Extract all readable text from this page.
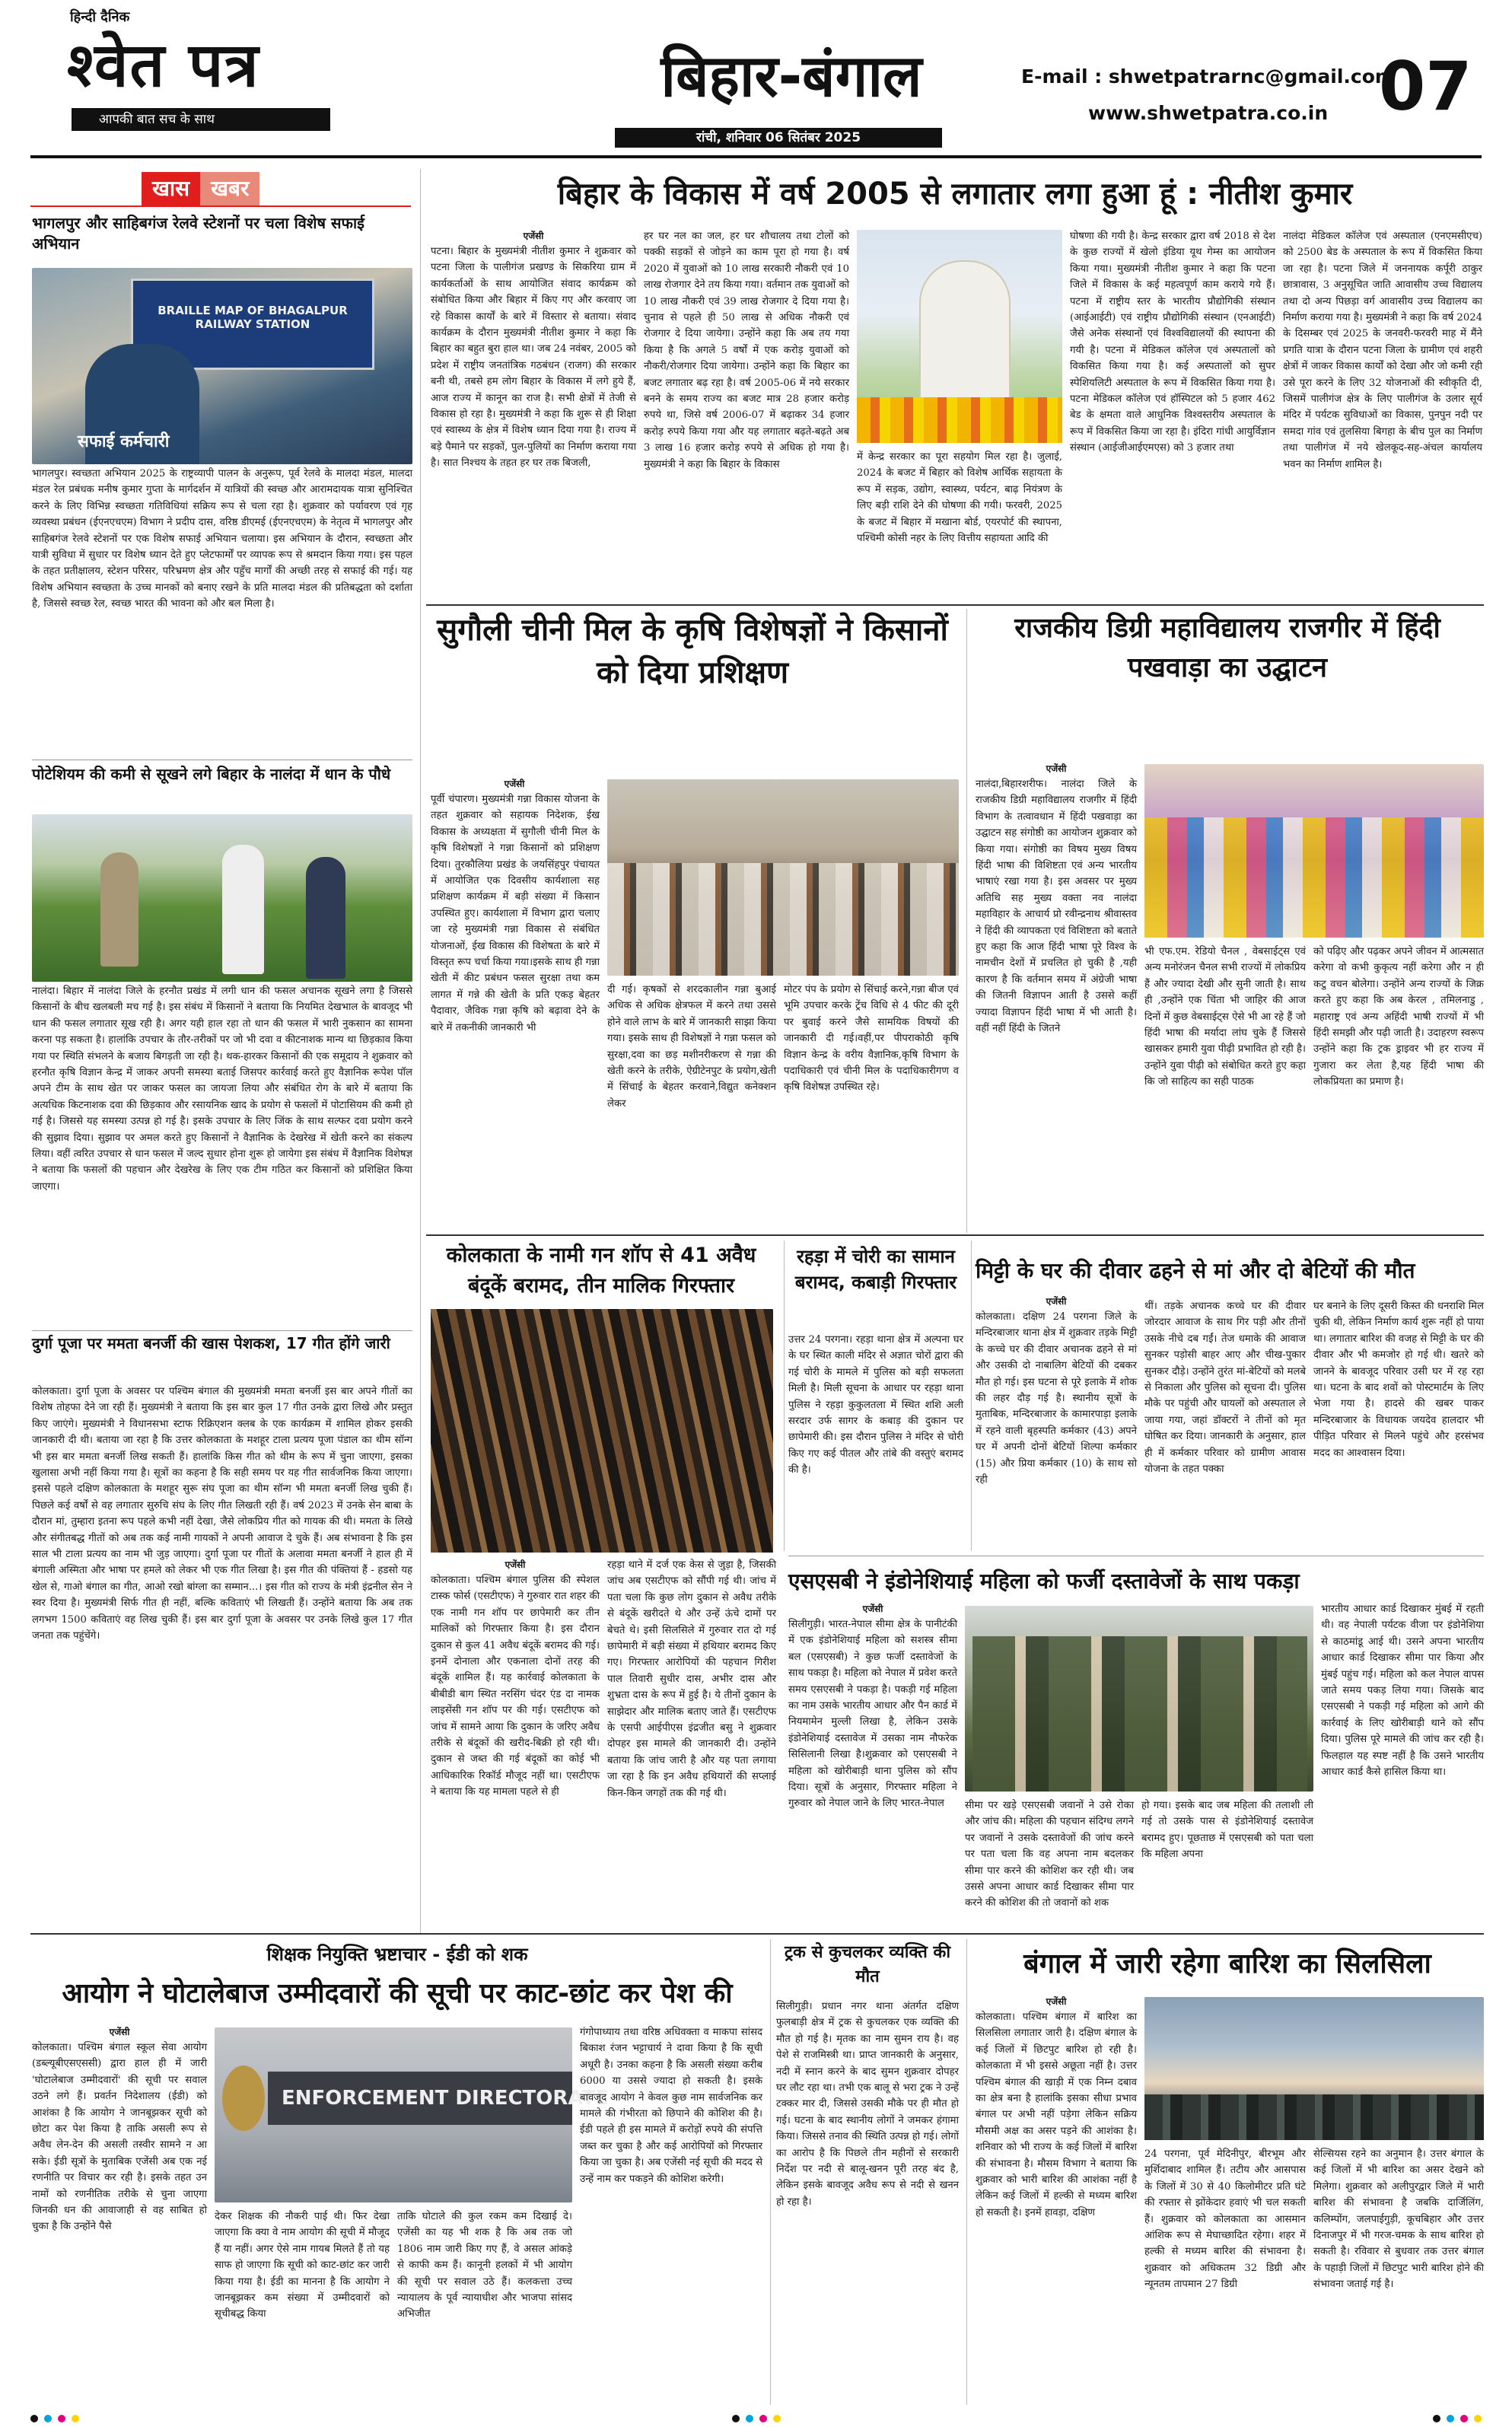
हिन्दी दैनिक
श्वेत पत्र
आपकी बात सच के साथ
बिहार-बंगाल
रांची, शनिवार 06 सितंबर 2025
E-mail : shwetpatrarnc@gmail.com
www.shwetpatra.co.in 07
खास खबर
भागलपुर और साहिबगंज रेलवे स्टेशनों पर चला विशेष सफाई अभियान
BRAILLE MAP OF BHAGALPUR RAILWAY STATION
सफाई कर्मचारी
भागलपुर। स्वच्छता अभियान 2025 के राष्ट्रव्यापी पालन के अनुरूप, पूर्व रेलवे के मालदा मंडल, मालदा मंडल रेल प्रबंधक मनीष कुमार गुप्ता के मार्गदर्शन में यात्रियों की स्वच्छ और आरामदायक यात्रा सुनिश्चित करने के लिए विभिन्न स्वच्छता गतिविधियां सक्रिय रूप से चला रहा है। शुक्रवार को पर्यावरण एवं गृह व्यवस्था प्रबंधन (ईएनएचएम) विभाग ने प्रदीप दास, वरिष्ठ डीएमई (ईएनएचएम) के नेतृत्व में भागलपुर और साहिबगंज रेलवे स्टेशनों पर एक विशेष सफाई अभियान चलाया। इस अभियान के दौरान, स्वच्छता और यात्री सुविधा में सुधार पर विशेष ध्यान देते हुए प्लेटफार्मों पर व्यापक रूप से श्रमदान किया गया। इस पहल के तहत प्रतीक्षालय, स्टेशन परिसर, परिभ्रमण क्षेत्र और पहुँच मार्गों की अच्छी तरह से सफाई की गई। यह विशेष अभियान स्वच्छता के उच्च मानकों को बनाए रखने के प्रति मालदा मंडल की प्रतिबद्धता को दर्शाता है, जिससे स्वच्छ रेल, स्वच्छ भारत की भावना को और बल मिला है।
पोटेशियम की कमी से सूखने लगे बिहार के नालंदा में धान के पौधे
नालंदा। बिहार में नालंदा जिले के हरनौत प्रखंड में लगी धान की फसल अचानक सूखने लगा है जिससे किसानों के बीच खलबली मच गई है। इस संबंध में किसानों ने बताया कि नियमित देखभाल के बावजूद भी धान की फसल लगातार सूख रही है। अगर यही हाल रहा तो धान की फसल में भारी नुकसान का सामना करना पड़ सकता है। हालांकि उपचार के तौर-तरीकों पर जो भी दवा व कीटनाशक मान्य था छिड़काव किया गया पर स्थिति संभलने के बजाय बिगड़ती जा रही है। थक-हारकर किसानों की एक समूदाय ने शुक्रवार को हरनौत कृषि विज्ञान केन्द्र में जाकर अपनी समस्या बताई जिसपर कार्रवाई करते हुए वैज्ञानिक रूपेश पॉल अपने टीम के साथ खेत पर जाकर फसल का जायजा लिया और संबंधित रोग के बारे में बताया कि अत्यधिक किटनाशक दवा की छिड़काव और रसायनिक खाद के प्रयोग से फसलों में पोटासियम की कमी हो गई है। जिससे यह समस्या उत्पन्न हो गई है। इसके उपचार के लिए जिंक के साथ सल्फर दवा प्रयोग करने की सुझाव दिया। सुझाव पर अमल करते हुए किसानों ने वैज्ञानिक के देखरेख में खेती करने का संकल्प लिया। वहीं त्वरित उपचार से धान फसल में जल्द सुधार होना शुरू हो जायेगा इस संबंध में वैज्ञानिक विशेषज्ञ ने बताया कि फसलों की पहचान और देखरेख के लिए एक टीम गठित कर किसानों को प्रशिक्षित किया जाएगा।
दुर्गा पूजा पर ममता बनर्जी की खास पेशकश, 17 गीत होंगे जारी
कोलकाता। दुर्गा पूजा के अवसर पर पश्चिम बंगाल की मुख्यमंत्री ममता बनर्जी इस बार अपने गीतों का विशेष तोहफा देने जा रही हैं। मुख्यमंत्री ने बताया कि इस बार कुल 17 गीत उनके द्वारा लिखे और प्रस्तुत किए जाएंगे। मुख्यमंत्री ने विधानसभा स्टाफ रिक्रिएशन क्लब के एक कार्यक्रम में शामिल होकर इसकी जानकारी दी थी। बताया जा रहा है कि उत्तर कोलकाता के मशहूर टाला प्रत्यय पूजा पंडाल का थीम सॉन्ग भी इस बार ममता बनर्जी लिख सकती हैं। हालांकि किस गीत को थीम के रूप में चुना जाएगा, इसका खुलासा अभी नहीं किया गया है। सूत्रों का कहना है कि सही समय पर यह गीत सार्वजनिक किया जाएगा। इससे पहले दक्षिण कोलकाता के मशहूर सुरू संघ पूजा का थीम सॉन्ग भी ममता बनर्जी लिख चुकी हैं। पिछले कई वर्षों से वह लगातार सुरुचि संघ के लिए गीत लिखती रही हैं। वर्ष 2023 में उनके सेन बाबा के दौरान मां, तुम्हारा इतना रूप पहले कभी नहीं देखा, जैसे लोकप्रिय गीत को गायक की थी। ममता के लिखे और संगीतबद्ध गीतों को अब तक कई नामी गायकों ने अपनी आवाज दे चुके हैं। अब संभावना है कि इस साल भी टाला प्रत्यय का नाम भी जुड़ जाएगा। दुर्गा पूजा पर गीतों के अलावा ममता बनर्जी ने हाल ही में बंगाली अस्मिता और भाषा पर हमले को लेकर भी एक गीत लिखा है। इस गीत की पंक्तियां हैं - हडसो यह खेल से, गाओ बंगाल का गीत, आओ रखो बांग्ला का सम्मान...। इस गीत को राज्य के मंत्री इंद्रनील सेन ने स्वर दिया है। मुख्यमंत्री सिर्फ गीत ही नहीं, बल्कि कविताएं भी लिखती हैं। उन्होंने बताया कि अब तक लगभग 1500 कविताएं वह लिख चुकी हैं। इस बार दुर्गा पूजा के अवसर पर उनके लिखे कुल 17 गीत जनता तक पहुंचेंगे।
बिहार के विकास में वर्ष 2005 से लगातार लगा हुआ हूं : नीतीश कुमार
एजेंसी
पटना। बिहार के मुख्यमंत्री नीतीश कुमार ने शुक्रवार को पटना जिला के पालीगंज प्रखण्ड के सिकरिया ग्राम में कार्यकर्ताओं के साथ आयोजित संवाद कार्यक्रम को संबोधित किया और बिहार में किए गए और करवाए जा रहे विकास कार्यों के बारे में विस्तार से बताया। संवाद कार्यक्रम के दौरान मुख्यमंत्री नीतीश कुमार ने कहा कि बिहार का बहुत बुरा हाल था। जब 24 नवंबर, 2005 को प्रदेश में राष्ट्रीय जनतांत्रिक गठबंधन (राजग) की सरकार बनी थी, तबसे हम लोग बिहार के विकास में लगे हुये हैं, आज राज्य में कानून का राज है। सभी क्षेत्रों में तेजी से विकास हो रहा है। मुख्यमंत्री ने कहा कि शुरू से ही शिक्षा एवं स्वास्थ्य के क्षेत्र में विशेष ध्यान दिया गया है। राज्य में बड़े पैमाने पर सड़कों, पुल-पुलियों का निर्माण कराया गया है। सात निश्चय के तहत हर घर तक बिजली,
हर घर नल का जल, हर घर शौचालय तथा टोलों को पक्की सड़कों से जोड़ने का काम पूरा हो गया है। वर्ष 2020 में युवाओं को 10 लाख सरकारी नौकरी एवं 10 लाख रोजगार देने तय किया गया। वर्तमान तक युवाओं को 10 लाख नौकरी एवं 39 लाख रोजगार दे दिया गया है। चुनाव से पहले ही 50 लाख से अधिक नौकरी एवं रोजगार दे दिया जायेगा। उन्होंने कहा कि अब तय गया किया है कि अगले 5 वर्षों में एक करोड़ युवाओं को नौकरी/रोजगार दिया जायेगा। उन्होंने कहा कि बिहार का बजट लगातार बढ़ रहा है। वर्ष 2005-06 में नये सरकार बनने के समय राज्य का बजट मात्र 28 हजार करोड़ रुपये था, जिसे वर्ष 2006-07 में बढ़ाकर 34 हजार करोड़ रुपये किया गया और यह लगातार बढ़ते-बढ़ते अब 3 लाख 16 हजार करोड़ रुपये से अधिक हो गया है। मुख्यमंत्री ने कहा कि बिहार के विकास
में केन्द्र सरकार का पूरा सहयोग मिल रहा है। जुलाई, 2024 के बजट में बिहार को विशेष आर्थिक सहायता के रूप में सड़क, उद्योग, स्वास्थ्य, पर्यटन, बाढ़ नियंत्रण के लिए बड़ी राशि देने की घोषणा की गयी। फरवरी, 2025 के बजट में बिहार में मखाना बोर्ड, एयरपोर्ट की स्थापना, पश्चिमी कोसी नहर के लिए वित्तीय सहायता आदि की
घोषणा की गयी है। केन्द्र सरकार द्वारा वर्ष 2018 से देश के कुछ राज्यों में खेलो इंडिया यूथ गेम्स का आयोजन किया गया। मुख्यमंत्री नीतीश कुमार ने कहा कि पटना जिले में विकास के कई महत्वपूर्ण काम कराये गये हैं। पटना में राष्ट्रीय स्तर के भारतीय प्रौद्योगिकी संस्थान (आईआईटी) एवं राष्ट्रीय प्रौद्योगिकी संस्थान (एनआईटी) जैसे अनेक संस्थानों एवं विश्वविद्यालयों की स्थापना की गयी है। पटना में मेडिकल कॉलेज एवं अस्पतालों को विकसित किया गया है। कई अस्पतालों को सुपर स्पेशियलिटी अस्पताल के रूप में विकसित किया गया है। पटना मेडिकल कॉलेज एवं हॉस्पिटल को 5 हजार 462 बेड के क्षमता वाले आधुनिक विश्वस्तरीय अस्पताल के रूप में विकसित किया जा रहा है। इंदिरा गांधी आयुर्विज्ञान संस्थान (आईजीआईएमएस) को 3 हजार तथा
नालंदा मेडिकल कॉलेज एवं अस्पताल (एनएमसीएच) को 2500 बेड के अस्पताल के रूप में विकसित किया जा रहा है। पटना जिले में जननायक कर्पूरी ठाकुर छात्रावास, 3 अनुसूचित जाति आवासीय उच्च विद्यालय तथा दो अन्य पिछड़ा वर्ग आवासीय उच्च विद्यालय का निर्माण कराया गया है। मुख्यमंत्री ने कहा कि वर्ष 2024 के दिसम्बर एवं 2025 के जनवरी-फरवरी माह में मैंने प्रगति यात्रा के दौरान पटना जिला के ग्रामीण एवं शहरी क्षेत्रों में जाकर विकास कार्यों को देखा और जो कमी रही उसे पूरा करने के लिए 32 योजनाओं की स्वीकृति दी, जिसमें पालीगंज क्षेत्र के लिए पालीगंज के उलार सूर्य मंदिर में पर्यटक सुविधाओं का विकास, पुनपुन नदी पर समदा गांव एवं तुलसिया बिगहा के बीच पुल का निर्माण तथा पालीगंज में नये खेलकूद-सह-अंचल कार्यालय भवन का निर्माण शामिल है।
सुगौली चीनी मिल के कृषि विशेषज्ञों ने किसानों को दिया प्रशिक्षण
एजेंसी
पूर्वी चंपारण। मुख्यमंत्री गन्ना विकास योजना के तहत शुक्रवार को सहायक निदेशक, ईख विकास के अध्यक्षता में सुगौली चीनी मिल के कृषि विशेषज्ञों ने गन्ना किसानों को प्रशिक्षण दिया। तुरकौलिया प्रखंड के जयसिंहपुर पंचायत में आयोजित एक दिवसीय कार्यशाला सह प्रशिक्षण कार्यक्रम में बड़ी संख्या में किसान उपस्थित हुए। कार्यशाला में विभाग द्वारा चलाए जा रहे मुख्यमंत्री गन्ना विकास से संबंधित योजनाओं, ईख विकास की विशेषता के बारे में विस्तृत रूप चर्चा किया गया।इसके साथ ही गन्ना खेती में कीट प्रबंधन फसल सुरक्षा तथा कम लागत में गन्ने की खेती के प्रति एकड़ बेहतर पैदावार, जैविक गन्ना कृषि को बढ़ावा देने के बारे में तकनीकी जानकारी भी
दी गई। कृषकों से शरदकालीन गन्ना बुआई अधिक से अधिक क्षेत्रफल में करने तथा उससे होने वाले लाभ के बारे में जानकारी साझा किया गया। इसके साथ ही विशेषज्ञों ने गन्ना फसल को सुरक्षा,दवा का छड़ मशीनरीकरण से गन्ना की खेती करने के तरीके, ऐग्रीटेनपुट के प्रयोग,खेती में सिंचाई के बेहतर करवाने,विद्युत कनेक्शन लेकर
मोटर पंप के प्रयोग से सिंचाई करने,गन्ना बीज एवं भूमि उपचार करके ट्रेंच विधि से 4 फीट की दूरी पर बुवाई करने जैसे सामयिक विषयों की जानकारी दी गई।वहीं,पर पीपराकोठी कृषि विज्ञान केन्द्र के वरीय वैज्ञानिक,कृषि विभाग के पदाधिकारी एवं चीनी मिल के पदाधिकारीगण व कृषि विशेषज्ञ उपस्थित रहे।
राजकीय डिग्री महाविद्यालय राजगीर में हिंदी पखवाड़ा का उद्घाटन
एजेंसी
नालंदा,बिहारशरीफ। नालंदा जिले के राजकीय डिग्री महाविद्यालय राजगीर में हिंदी विभाग के तत्वावधान में हिंदी पखवाड़ा का उद्घाटन सह संगोष्ठी का आयोजन शुक्रवार को किया गया। संगोष्ठी का विषय मुख्य विषय हिंदी भाषा की विशिष्टता एवं अन्य भारतीय भाषाएं रखा गया है। इस अवसर पर मुख्य अतिथि सह मुख्य वक्ता नव नालंदा महाविहार के आचार्य प्रो रवीन्द्रनाथ श्रीवास्तव ने हिंदी की व्यापकता एवं विशिष्टता को बताते हुए कहा कि आज हिंदी भाषा पूरे विश्व के नामचीन देशों में प्रचलित हो चुकी है ,यही कारण है कि वर्तमान समय में अंग्रेजी भाषा की जितनी विज्ञापन आती है उससे कहीं ज्यादा विज्ञापन हिंदी भाषा में भी आती है। वहीं नहीं हिंदी के जितने
भी एफ.एम. रेडियो चैनल , वेबसाईट्स एवं अन्य मनोरंजन चैनल सभी राज्यों में लोकप्रिय हैं और ज्यादा देखी और सुनी जाती है। साथ ही ,उन्होंने एक चिंता भी जाहिर की आज दिनों में कुछ वेबसाईट्स ऐसे भी आ रहे हैं जो हिंदी भाषा की मर्यादा लांघ चुके हैं जिससे खासकर हमारी युवा पीढ़ी प्रभावित हो रही है। उन्होंने युवा पीढ़ी को संबोधित करते हुए कहा कि जो साहित्य का सही पाठक
को पढ़िए और पढ़कर अपने जीवन में आत्मसात करेगा वो कभी कुकृत्य नहीं करेगा और न ही कटु वचन बोलेगा। उन्होंने अन्य राज्यों के जिक्र करते हुए कहा कि अब केरल , तमिलनाडु , महाराष्ट्र एवं अन्य अहिंदी भाषी राज्यों में भी हिंदी समझी और पढ़ी जाती है। उदाहरण स्वरूप उन्होंने कहा कि ट्रक ड्राइवर भी हर राज्य में गुजारा कर लेता है,यह हिंदी भाषा की लोकप्रियता का प्रमाण है।
कोलकाता के नामी गन शॉप से 41 अवैध बंदूकें बरामद, तीन मालिक गिरफ्तार
एजेंसी
कोलकाता। पश्चिम बंगाल पुलिस की स्पेशल टास्क फोर्स (एसटीएफ) ने गुरुवार रात शहर की एक नामी गन शॉप पर छापेमारी कर तीन मालिकों को गिरफ्तार किया है। इस दौरान दुकान से कुल 41 अवैध बंदूकें बरामद की गई। इनमें दोनाला और एकनाला दोनों तरह की बंदूकें शामिल हैं। यह कार्रवाई कोलकाता के बीबीडी बाग स्थित नरसिंग चंदर एंड दा नामक लाइसेंसी गन शॉप पर की गई। एसटीएफ को जांच में सामने आया कि दुकान के जरिए अवैध तरीके से बंदूकों की खरीद-बिक्री हो रही थी। दुकान से जब्त की गई बंदूकों का कोई भी आधिकारिक रिकॉर्ड मौजूद नहीं था। एसटीएफ ने बताया कि यह मामला पहले से ही
रहड़ा थाने में दर्ज एक केस से जुड़ा है, जिसकी जांच अब एसटीएफ को सौंपी गई थी। जांच में पता चला कि कुछ लोग दुकान से अवैध तरीके से बंदूकें खरीदते थे और उन्हें ऊंचे दामों पर बेचते थे। इसी सिलसिले में गुरुवार रात दो गई छापेमारी में बड़ी संख्या में हथियार बरामद किए गए। गिरफ्तार आरोपियों की पहचान गिरीश पाल तिवारी सुधीर दास, अभीर दास और शुभ्रता दास के रूप में हुई है। ये तीनों दुकान के साझेदार और मालिक बताए जाते हैं। एसटीएफ के एसपी आईपीएस इंद्रजीत बसु ने शुक्रवार दोपहर इस मामले की जानकारी दी। उन्होंने बताया कि जांच जारी है और यह पता लगाया जा रहा है कि इन अवैध हथियारों की सप्लाई किन-किन जगहों तक की गई थी।
रहड़ा में चोरी का सामान बरामद, कबाड़ी गिरफ्तार
उत्तर 24 परगना। रहड़ा थाना क्षेत्र में अल्पना घर के घर स्थित काली मंदिर से अज्ञात चोरों द्वारा की गई चोरी के मामले में पुलिस को बड़ी सफलता मिली है। मिली सूचना के आधार पर रहड़ा थाना पुलिस ने रहड़ा कुकुलतला में स्थित शशि अली सरदार उर्फ सागर के कबाड़ की दुकान पर छापेमारी की। इस दौरान पुलिस ने मंदिर से चोरी किए गए कई पीतल और तांबे की वस्तुएं बरामद की है।
मिट्टी के घर की दीवार ढहने से मां और दो बेटियों की मौत
एजेंसी
कोलकाता। दक्षिण 24 परगना जिले के मन्दिरबाजार थाना क्षेत्र में शुक्रवार तड़के मिट्टी के कच्चे घर की दीवार अचानक ढहने से मां और उसकी दो नाबालिग बेटियों की दबकर मौत हो गई। इस घटना से पूरे इलाके में शोक की लहर दौड़ गई है। स्थानीय सूत्रों के मुताबिक, मन्दिरबाजार के कामारपाड़ा इलाके में रहने वाली बृहस्पति कर्मकार (43) अपने घर में अपनी दोनों बेटियों शिल्पा कर्मकार (15) और प्रिया कर्मकार (10) के साथ सो रही
थीं। तड़के अचानक कच्चे घर की दीवार जोरदार आवाज के साथ गिर पड़ी और तीनों उसके नीचे दब गईं। तेज धमाके की आवाज सुनकर पड़ोसी बाहर आए और चीख-पुकार सुनकर दौड़े। उन्होंने तुरंत मां-बेटियों को मलबे से निकाला और पुलिस को सूचना दी। पुलिस मौके पर पहुंची और घायलों को अस्पताल ले जाया गया, जहां डॉक्टरों ने तीनों को मृत घोषित कर दिया। जानकारी के अनुसार, हाल ही में कर्मकार परिवार को ग्रामीण आवास योजना के तहत पक्का
घर बनाने के लिए दूसरी किस्त की धनराशि मिल चुकी थी, लेकिन निर्माण कार्य शुरू नहीं हो पाया था। लगातार बारिश की वजह से मिट्टी के घर की दीवार और भी कमजोर हो गई थी। खतरे को जानने के बावजूद परिवार उसी घर में रह रहा था। घटना के बाद शवों को पोस्टमार्टम के लिए भेजा गया है। हादसे की खबर पाकर मन्दिरबाजार के विधायक जयदेव हालदार भी पीड़ित परिवार से मिलने पहुंचे और हरसंभव मदद का आश्वासन दिया।
एसएसबी ने इंडोनेशियाई महिला को फर्जी दस्तावेजों के साथ पकड़ा
एजेंसी
सिलीगुड़ी। भारत-नेपाल सीमा क्षेत्र के पानीटंकी में एक इंडोनेशियाई महिला को सशस्त्र सीमा बल (एसएसबी) ने कुछ फर्जी दस्तावेजों के साथ पकड़ा है। महिला को नेपाल में प्रवेश करते समय एसएसबी ने पकड़ा है। पकड़ी गई महिला का नाम उसके भारतीय आधार और पैन कार्ड में नियमामेन मुल्ली लिखा है, लेकिन उसके इंडोनेशियाई दस्तावेज में उसका नाम नौफरेक सिसिलानी लिखा है।शुक्रवार को एसएसबी ने महिला को खोरीबाड़ी थाना पुलिस को सौंप दिया। सूत्रों के अनुसार, गिरफ्तार महिला ने गुरुवार को नेपाल जाने के लिए भारत-नेपाल	सीमा पर खड़े एसएसबी जवानों ने उसे रोका और जांच की। महिला की पहचान संदिग्ध लगने पर जवानों ने उसके दस्तावेजों की जांच करने पर पता चला कि वह अपना नाम बदलकर सीमा पार करने की कोशिश कर रही थी। जब उससे अपना आधार कार्ड दिखाकर सीमा पार करने की कोशिश की तो जवानों को शक
हो गया। इसके बाद जब महिला की तलाशी ली गई तो उसके पास से इंडोनेशियाई दस्तावेज बरामद हुए। पूछताछ में एसएसबी को पता चला कि महिला अपना
भारतीय आधार कार्ड दिखाकर मुंबई में रहती थी। वह नेपाली पर्यटक वीजा पर इंडोनेशिया से काठमांडू आई थी। उसने अपना भारतीय आधार कार्ड दिखाकर सीमा पार किया और मुंबई पहुंच गई। महिला को कल नेपाल वापस जाते समय पकड़ लिया गया। जिसके बाद एसएसबी ने पकड़ी गई महिला को आगे की कार्रवाई के लिए खोरीबाड़ी थाने को सौंप दिया। पुलिस पूरे मामले की जांच कर रही है। फिलहाल यह स्पष्ट नहीं है कि उसने भारतीय आधार कार्ड कैसे हासिल किया था।
शिक्षक नियुक्ति भ्रष्टाचार - ईडी को शक
आयोग ने घोटालेबाज उम्मीदवारों की सूची पर काट-छांट कर पेश की
एजेंसी
कोलकाता। पश्चिम बंगाल स्कूल सेवा आयोग (डब्ल्यूबीएसएससी) द्वारा हाल ही में जारी 'घोटालेबाज उम्मीदवारों' की सूची पर सवाल उठने लगे हैं। प्रवर्तन निदेशालय (ईडी) को आशंका है कि आयोग ने जानबूझकर सूची को छोटा कर पेश किया है ताकि असली रूप से अवैध लेन-देन की असली तस्वीर सामने न आ सके। ईडी सूत्रों के मुताबिक एजेंसी अब एक नई रणनीति पर विचार कर रही है। इसके तहत उन नामों को रणनीतिक तरीके से चुना जाएगा जिनकी धन की आवाजाही से वह साबित हो चुका है कि उन्होंने पैसे
ENFORCEMENT DIRECTORATE
देकर शिक्षक की नौकरी पाई थी। फिर देखा जाएगा कि क्या वे नाम आयोग की सूची में मौजूद हैं या नहीं। अगर ऐसे नाम गायब मिलते हैं तो यह साफ हो जाएगा कि सूची को काट-छांट कर जारी किया गया है। ईडी का मानना है कि आयोग ने जानबूझकर कम संख्या में उम्मीदवारों को सूचीबद्ध किया
ताकि घोटाले की कुल रकम कम दिखाई दे। एजेंसी का यह भी शक है कि अब तक जो 1806 नाम जारी किए गए हैं, वे असल आंकड़े से काफी कम हैं। कानूनी हलकों में भी आयोग की सूची पर सवाल उठे हैं। कलकत्ता उच्च न्यायालय के पूर्व न्यायाधीश और भाजपा सांसद अभिजीत
गंगोपाध्याय तथा वरिष्ठ अधिवक्ता व माकपा सांसद बिकाश रंजन भट्टाचार्य ने दावा किया है कि सूची अधूरी है। उनका कहना है कि असली संख्या करीब 6000 या उससे ज्यादा हो सकती है। इसके बावजूद आयोग ने केवल कुछ नाम सार्वजनिक कर मामले की गंभीरता को छिपाने की कोशिश की है। ईडी पहले ही इस मामले में करोड़ों रुपये की संपत्ति जब्त कर चुका है और कई आरोपियों को गिरफ्तार किया जा चुका है। अब एजेंसी नई सूची की मदद से उन्हें नाम कर पकड़ने की कोशिश करेगी।
ट्रक से कुचलकर व्यक्ति की मौत
सिलीगुड़ी। प्रधान नगर थाना अंतर्गत दक्षिण फुलबाड़ी क्षेत्र में ट्रक से कुचलकर एक व्यक्ति की मौत हो गई है। मृतक का नाम सुमन राय है। वह पेशे से राजमिस्त्री था। प्राप्त जानकारी के अनुसार, नदी में स्नान करने के बाद सुमन शुक्रवार दोपहर घर लौट रहा था। तभी एक बालू से भरा ट्रक ने उन्हें टक्कर मार दी, जिससे उसकी मौके पर ही मौत हो गई। घटना के बाद स्थानीय लोगों ने जमकर हंगामा किया। जिससे तनाव की स्थिति उत्पन्न हो गई। लोगों का आरोप है कि पिछले तीन महीनों से सरकारी निर्देश पर नदी से बालू-खनन पूरी तरह बंद है, लेकिन इसके बावजूद अवैध रूप से नदी से खनन हो रहा है।
बंगाल में जारी रहेगा बारिश का सिलसिला
एजेंसी
कोलकाता। पश्चिम बंगाल में बारिश का सिलसिला लगातार जारी है। दक्षिण बंगाल के कई जिलों में छिटपुट बारिश हो रही है। कोलकाता में भी इससे अछूता नहीं है। उत्तर पश्चिम बंगाल की खाड़ी में एक निम्न दबाव का क्षेत्र बना है हालांकि इसका सीधा प्रभाव बंगाल पर अभी नहीं पड़ेगा लेकिन सक्रिय मौसमी अक्ष का असर पड़ने की आशंका है। शनिवार को भी राज्य के कई जिलों में बारिश की संभावना है। मौसम विभाग ने बताया कि शुक्रवार को भारी बारिश की आशंका नहीं है लेकिन कई जिलों में हल्की से मध्यम बारिश हो सकती है। इनमें हावड़ा, दक्षिण
24 परगना, पूर्व मेदिनीपुर, बीरभूम और मुर्शिदाबाद शामिल हैं। तटीय और आसपास के जिलों में 30 से 40 किलोमीटर प्रति घंटे की रफ्तार से झोंकेदार हवाएं भी चल सकती हैं। शुक्रवार को कोलकाता का आसमान आंशिक रूप से मेघाच्छादित रहेगा। शहर में हल्की से मध्यम बारिश की संभावना है। शुक्रवार को अधिकतम 32 डिग्री और न्यूनतम तापमान 27 डिग्री
सेल्सियस रहने का अनुमान है। उत्तर बंगाल के कई जिलों में भी बारिश का असर देखने को मिलेगा। शुक्रवार को अलीपुरद्वार जिले में भारी बारिश की संभावना है जबकि दार्जिलिंग, कलिम्पोंग, जलपाईगुड़ी, कूचबिहार और उत्तर दिनाजपुर में भी गरज-चमक के साथ बारिश हो सकती है। रविवार से बुधवार तक उत्तर बंगाल के पहाड़ी जिलों में छिटपुट भारी बारिश होने की संभावना जताई गई है।
